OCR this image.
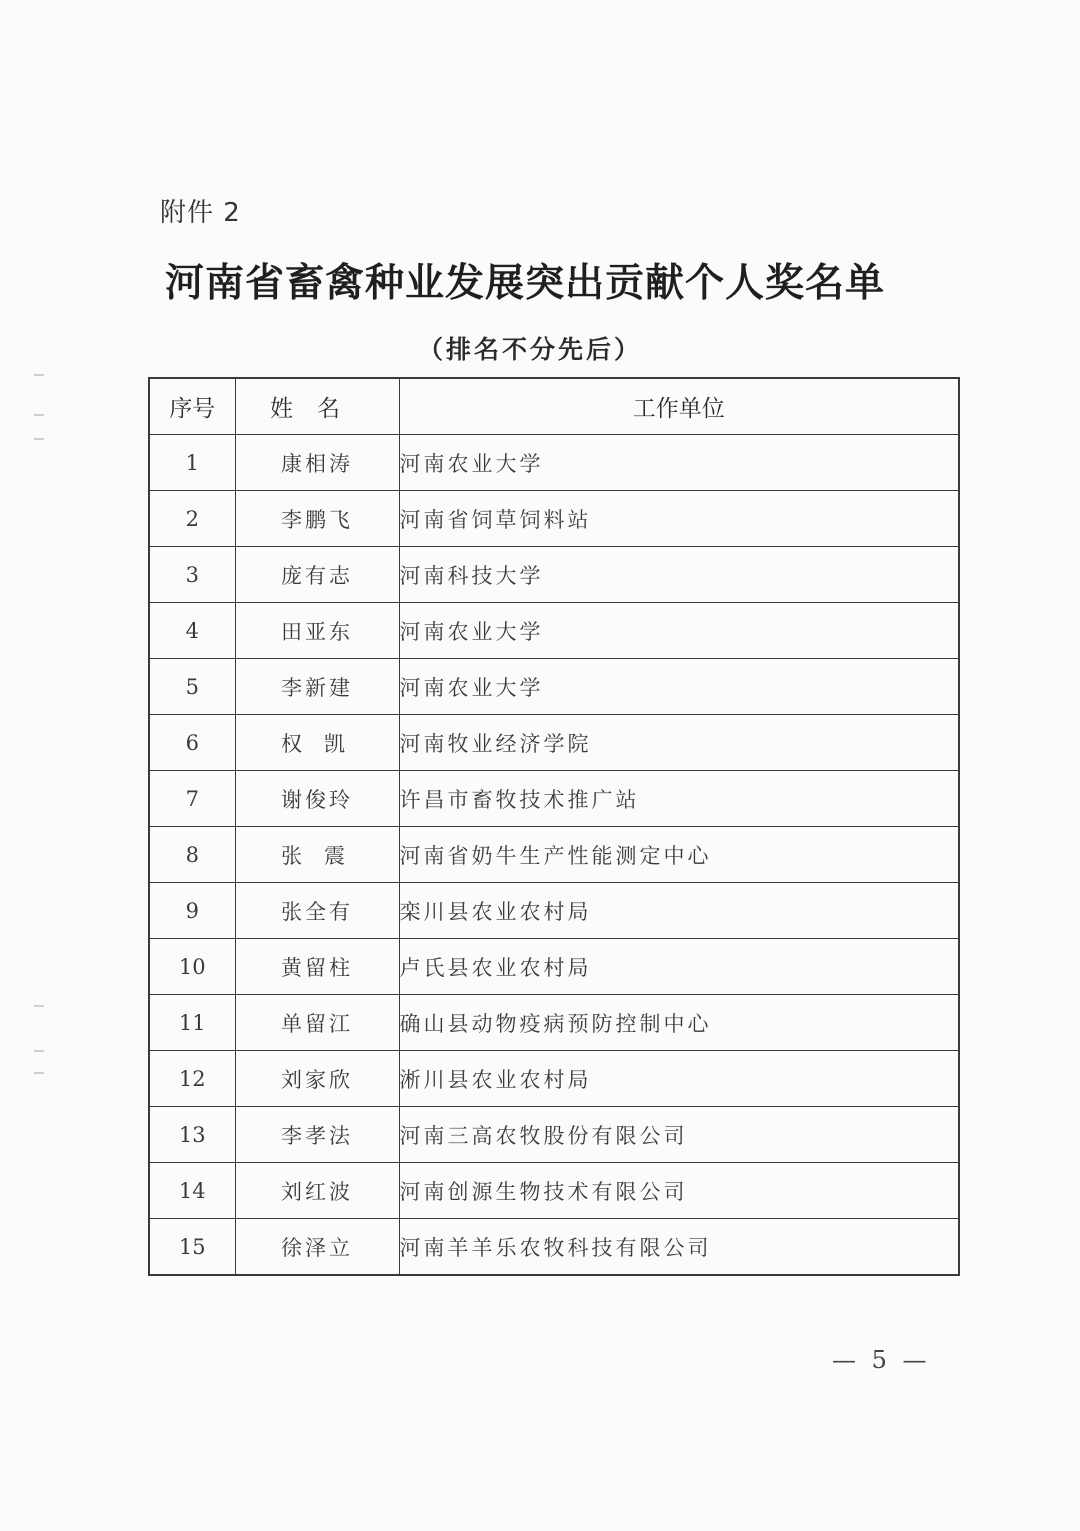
附件 2
河南省畜禽种业发展突出贡献个人奖名单
（排名不分先后）
序号	姓名	工作单位
1	康相涛	河南农业大学
2	李鹏飞	河南省饲草饲料站
3	庞有志	河南科技大学
4	田亚东	河南农业大学
5	李新建	河南农业大学
6	权凯	河南牧业经济学院
7	谢俊玲	许昌市畜牧技术推广站
8	张震	河南省奶牛生产性能测定中心
9	张全有	栾川县农业农村局
10	黄留柱	卢氏县农业农村局
11	单留江	确山县动物疫病预防控制中心
12	刘家欣	淅川县农业农村局
13	李孝法	河南三高农牧股份有限公司
14	刘红波	河南创源生物技术有限公司
15	徐泽立	河南羊羊乐农牧科技有限公司
— 5 —
